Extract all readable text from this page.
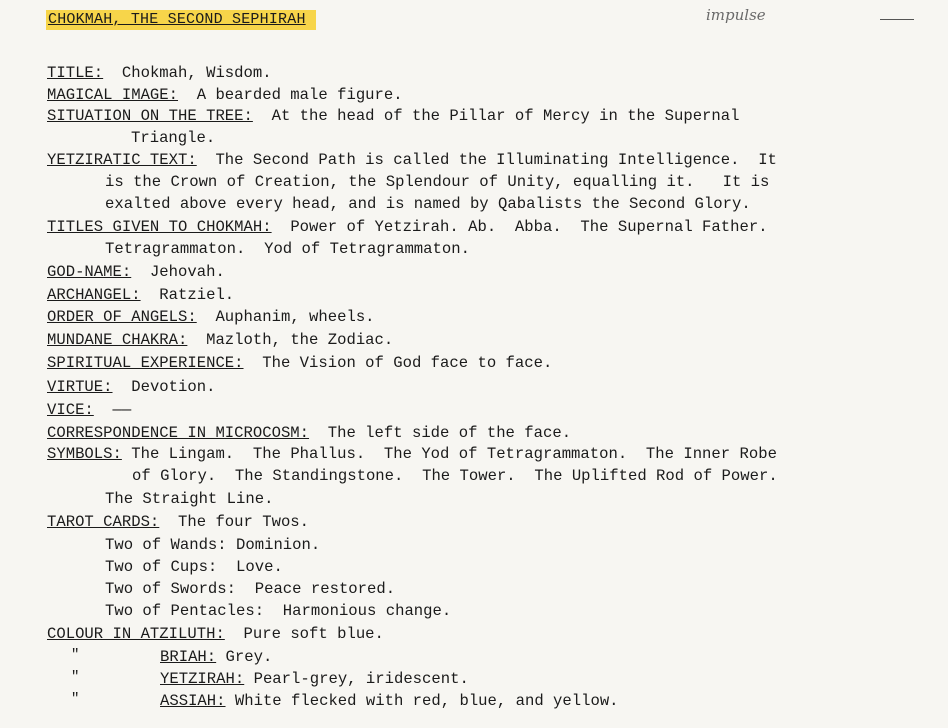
CHOKMAH, THE SECOND SEPHIRAH	impulse
TITLE: Chokmah, Wisdom.
MAGICAL IMAGE: A bearded male figure.
SITUATION ON THE TREE: At the head of the Pillar of Mercy in the Supernal
Triangle.
YETZIRATIC TEXT: The Second Path is called the Illuminating Intelligence.  It
is the Crown of Creation, the Splendour of Unity, equalling it.   It is
exalted above every head, and is named by Qabalists the Second Glory.
TITLES GIVEN TO CHOKMAH: Power of Yetzirah. Ab.  Abba.  The Supernal Father.
Tetragrammaton.  Yod of Tetragrammaton.
GOD-NAME: Jehovah.
ARCHANGEL: Ratziel.
ORDER OF ANGELS: Auphanim, wheels.
MUNDANE CHAKRA: Mazloth, the Zodiac.
SPIRITUAL EXPERIENCE: The Vision of God face to face.
VIRTUE: Devotion.
VICE: ——
CORRESPONDENCE IN MICROCOSM: The left side of the face.
SYMBOLS: The Lingam.  The Phallus.  The Yod of Tetragrammaton.  The Inner Robe
of Glory.  The Standingstone.  The Tower.  The Uplifted Rod of Power.
The Straight Line.
TAROT CARDS: The four Twos.
Two of Wands: Dominion.
Two of Cups:  Love.
Two of Swords:  Peace restored.
Two of Pentacles:  Harmonious change.
COLOUR IN ATZILUTH: Pure soft blue.
"	BRIAH: Grey.
"	YETZIRAH: Pearl-grey, iridescent.
"	ASSIAH: White flecked with red, blue, and yellow.
